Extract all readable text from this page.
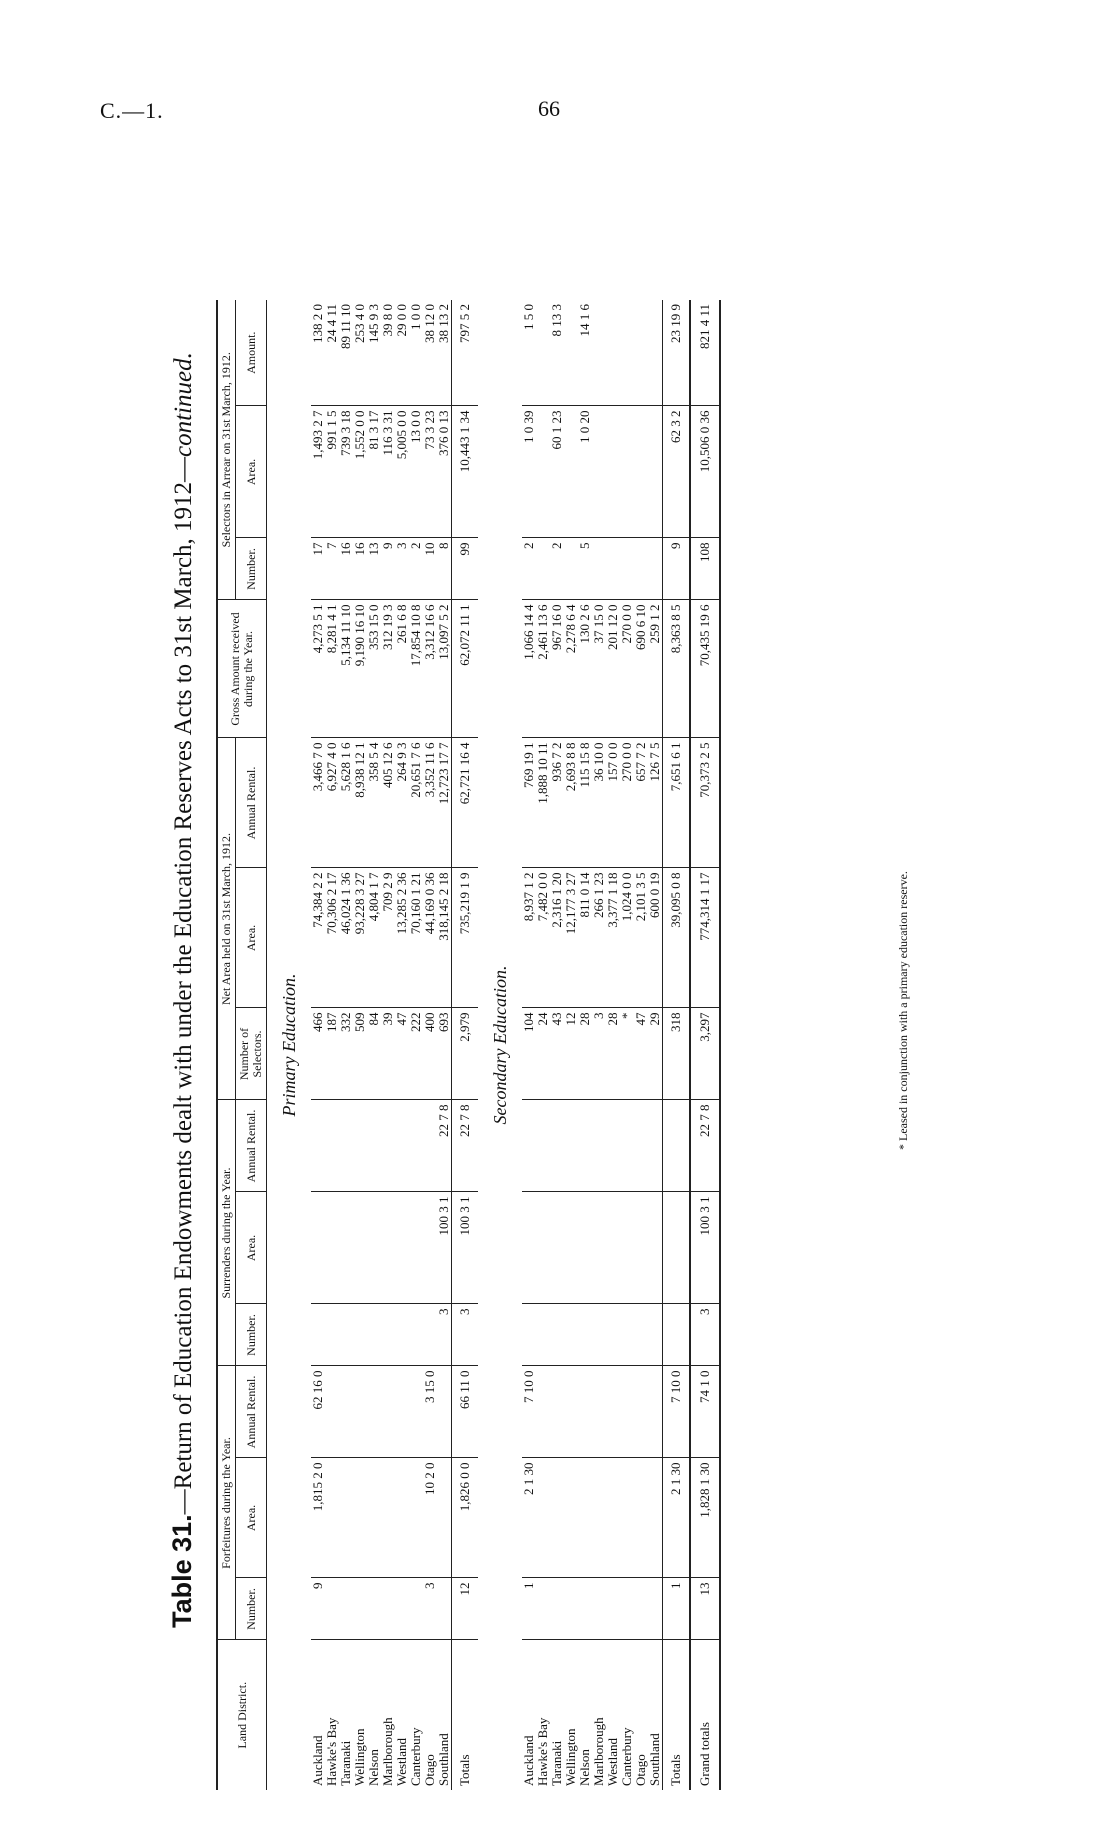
C.—1.	66
Table 31.—Return of Education Endowments dealt with under the Education Reserves Acts to 31st March, 1912—continued.
Land District.	Forfeitures during the Year.			Surrenders during the Year.			Net Area held on 31st March, 1912.			Gross Amount received during the Year.	Selectors in Arrear on 31st March, 1912.		
	Number.	Area.	Annual Rental.	Number.	Area.	Annual Rental.	Number of Selectors.	Area.	Annual Rental.		Number.	Area.	Amount.
Primary Education.													
Auckland	9	1,815 2 0	62 16 0				466	74,384 2 2	3,466 7 0	4,273 5 1	17	1,493 2 7	138 2 0
Hawke's Bay							187	70,306 2 17	6,927 4 0	8,281 4 1	7	991 1 5	24 4 11
Taranaki							332	46,024 1 36	5,628 1 6	5,134 11 10	16	739 3 18	89 11 10
Wellington							509	93,228 3 27	8,938 12 1	9,190 16 10	16	1,552 0 0	253 4 0
Nelson							84	4,804 1 7	358 5 4	353 15 0	13	81 3 17	145 9 3
Marlborough							39	709 2 9	405 12 6	312 19 3	9	116 3 31	39 8 0
Westland							47	13,285 2 36	264 9 3	261 6 8	3	5,005 0 0	29 0 0
Canterbury							222	70,160 1 21	20,651 7 6	17,854 10 8	2	13 0 0	1 0 0
Otago	3	10 2 0	3 15 0				400	44,169 0 36	3,352 11 6	3,312 16 6	10	73 3 23	38 12 0
Southland				3	100 3 1	22 7 8	693	318,145 2 18	12,723 17 7	13,097 5 2	8	376 0 13	38 13 2
Totals	12	1,826 0 0	66 11 0	3	100 3 1	22 7 8	2,979	735,219 1 9	62,721 16 4	62,072 11 1	99	10,443 1 34	797 5 2
Secondary Education.													
Auckland	1	2 1 30	7 10 0				104	8,937 1 2	769 19 1	1,066 14 4	2	1 0 39	1 5 0
Hawke's Bay							24	7,482 0 0	1,888 10 11	2,461 13 6			
Taranaki							43	2,316 1 20	936 7 2	967 16 0	2	60 1 23	8 13 3
Wellington							12	12,177 3 27	2,693 8 8	2,278 6 4			
Nelson							28	811 0 14	115 15 8	130 2 6	5	1 0 20	14 1 6
Marlborough							3	266 1 23	36 10 0	37 15 0			
Westland							28	3,377 1 18	157 0 0	201 12 0			
Canterbury							*	1,024 0 0	270 0 0	270 0 0			
Otago							47	2,101 3 5	657 7 2	690 6 10			
Southland							29	600 0 19	126 7 5	259 1 2			
Totals	1	2 1 30	7 10 0				318	39,095 0 8	7,651 6 1	8,363 8 5	9	62 3 2	23 19 9
Grand totals	13	1,828 1 30	74 1 0	3	100 3 1	22 7 8	3,297	774,314 1 17	70,373 2 5	70,435 19 6	108	10,506 0 36	821 4 11
* Leased in conjunction with a primary education reserve.
